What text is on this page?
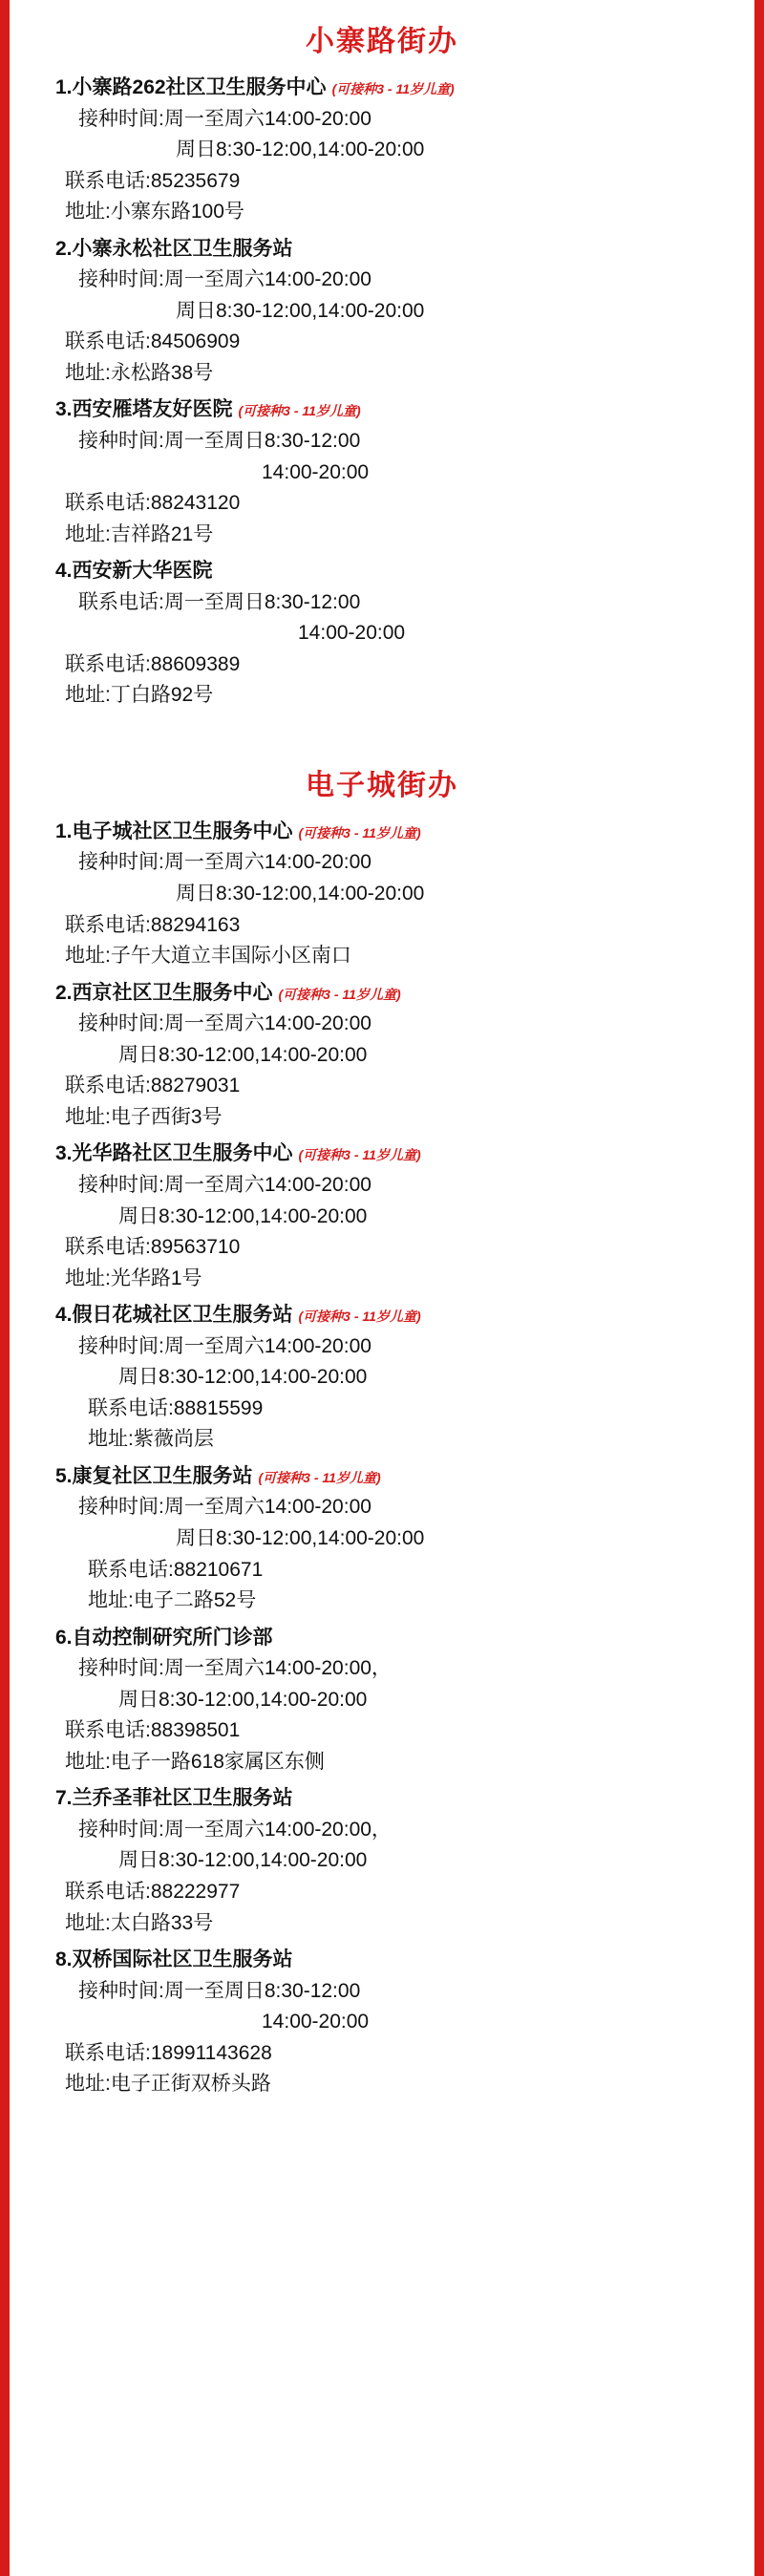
小寨路街办
1.小寨路262社区卫生服务中心 (可接种3 - 11岁儿童)
接种时间:周一至周六14:00-20:00
周日8:30-12:00,14:00-20:00
联系电话:85235679
地址:小寨东路100号
2.小寨永松社区卫生服务站
接种时间:周一至周六14:00-20:00
周日8:30-12:00,14:00-20:00
联系电话:84506909
地址:永松路38号
3.西安雁塔友好医院 (可接种3 - 11岁儿童)
接种时间:周一至周日8:30-12:00
14:00-20:00
联系电话:88243120
地址:吉祥路21号
4.西安新大华医院
联系电话:周一至周日8:30-12:00
14:00-20:00
联系电话:88609389
地址:丁白路92号
电子城街办
1.电子城社区卫生服务中心 (可接种3 - 11岁儿童)
接种时间:周一至周六14:00-20:00
周日8:30-12:00,14:00-20:00
联系电话:88294163
地址:子午大道立丰国际小区南口
2.西京社区卫生服务中心 (可接种3 - 11岁儿童)
接种时间:周一至周六14:00-20:00
周日8:30-12:00,14:00-20:00
联系电话:88279031
地址:电子西街3号
3.光华路社区卫生服务中心 (可接种3 - 11岁儿童)
接种时间:周一至周六14:00-20:00
周日8:30-12:00,14:00-20:00
联系电话:89563710
地址:光华路1号
4.假日花城社区卫生服务站 (可接种3 - 11岁儿童)
接种时间:周一至周六14:00-20:00
周日8:30-12:00,14:00-20:00
联系电话:88815599
地址:紫薇尚层
5.康复社区卫生服务站 (可接种3 - 11岁儿童)
接种时间:周一至周六14:00-20:00
周日8:30-12:00,14:00-20:00
联系电话:88210671
地址:电子二路52号
6.自动控制研究所门诊部
接种时间:周一至周六14:00-20:00，
周日8:30-12:00,14:00-20:00
联系电话:88398501
地址:电子一路618家属区东侧
7.兰乔圣菲社区卫生服务站
接种时间:周一至周六14:00-20:00，
周日8:30-12:00,14:00-20:00
联系电话:88222977
地址:太白路33号
8.双桥国际社区卫生服务站
接种时间:周一至周日8:30-12:00
14:00-20:00
联系电话:18991143628
地址:电子正街双桥头路
